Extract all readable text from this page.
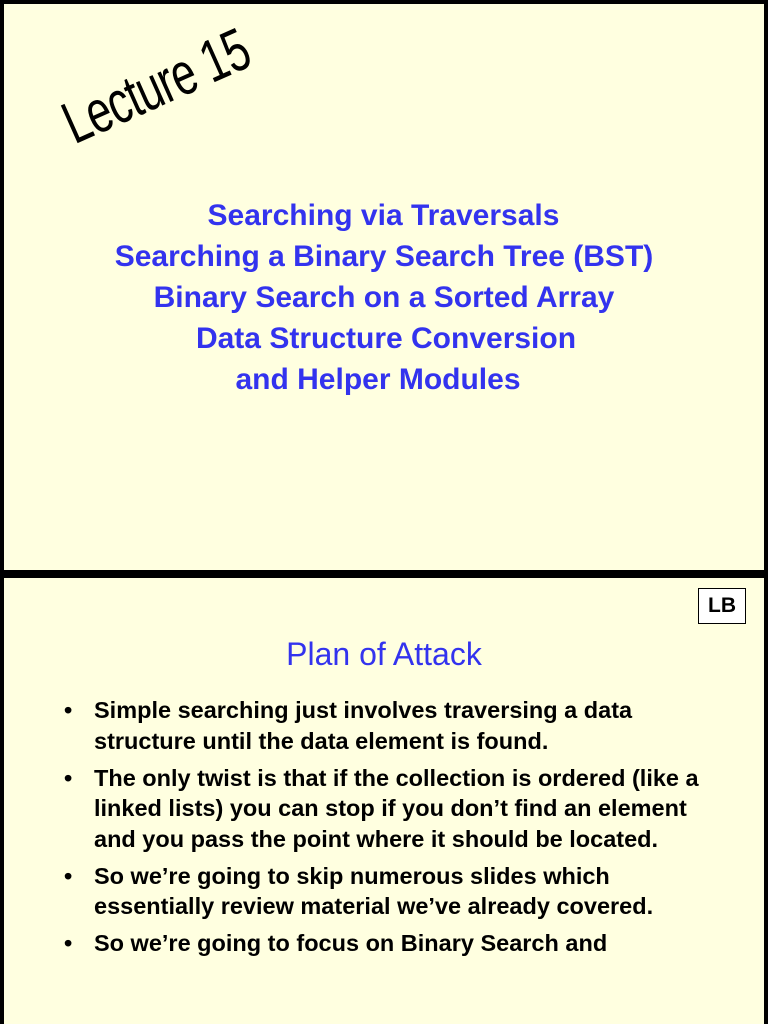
Lecture 15
Searching via Traversals
Searching a Binary Search Tree (BST)
Binary Search on a Sorted Array
Data Structure Conversion
and Helper Modules
LB
Plan of Attack
• Simple searching just involves traversing a data structure until the data element is found.
• The only twist is that if the collection is ordered (like a linked lists) you can stop if you don’t find an element and you pass the point where it should be located.
• So we’re going to skip numerous slides which essentially review material we’ve already covered.
• So we’re going to focus on Binary Search and
